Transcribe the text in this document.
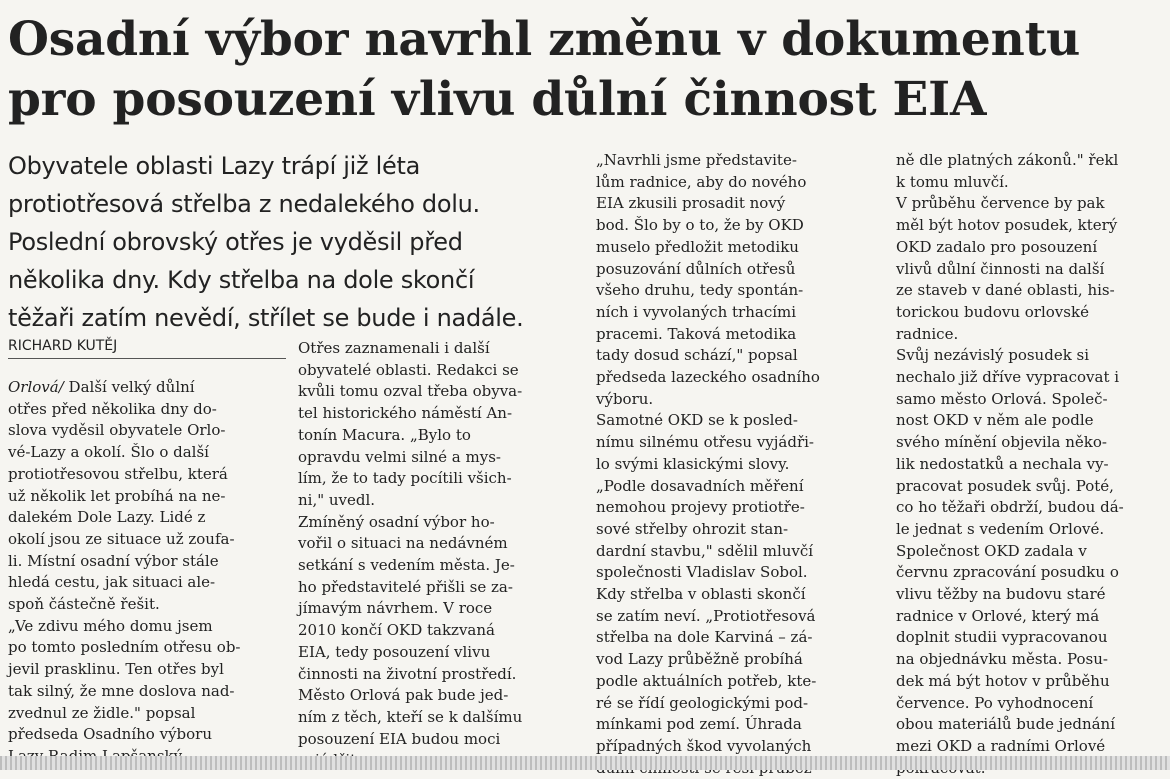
Osadní výbor navrhl změnu v dokumentu
pro posouzení vlivu důlní činnost EIA
Obyvatele oblasti Lazy trápí již léta
protiotřesová střelba z nedalekého dolu.
Poslední obrovský otřes je vyděsil před
několika dny. Kdy střelba na dole skončí
těžaři zatím nevědí, střílet se bude i nadále.
RICHARD KUTĚJ
Orlová/ Další velký důlní
otřes před několika dny do-
slova vyděsil obyvatele Orlo-
vé-Lazy a okolí. Šlo o další
protiotřesovou střelbu, která
už několik let probíhá na ne-
dalekém Dole Lazy. Lidé z
okolí jsou ze situace už zoufa-
li. Místní osadní výbor stále
hledá cestu, jak situaci ale-
spoň částečně řešit.
„Ve zdivu mého domu jsem
po tomto posledním otřesu ob-
jevil prasklinu. Ten otřes byl
tak silný, že mne doslova nad-
zvednul ze židle." popsal
předseda Osadního výboru
Otřes zaznamenali i další
obyvatelé oblasti. Redakci se
kvůli tomu ozval třeba obyva-
tel historického náměstí An-
tonín Macura. „Bylo to
opravdu velmi silné a mys-
lím, že to tady pocítili všich-
ni," uvedl.
Zmíněný osadní výbor ho-
vořil o situaci na nedávném
setkání s vedením města. Je-
ho představitelé přišli se za-
jímavým návrhem. V roce
2010 končí OKD takzvaná
EIA, tedy posouzení vlivu
činnosti na životní prostředí.
Město Orlová pak bude jed-
ním z těch, kteří se k dalšímu
posouzení EIA budou moci
„Navrhli jsme představite-
lům radnice, aby do nového
EIA zkusili prosadit nový
bod. Šlo by o to, že by OKD
muselo předložit metodiku
posuzování důlních otřesů
všeho druhu, tedy spontán-
ních i vyvolaných trhacími
pracemi. Taková metodika
tady dosud schází," popsal
předseda lazeckého osadního
výboru.
Samotné OKD se k posled-
nímu silnému otřesu vyjádři-
lo svými klasickými slovy.
„Podle dosavadních měření
nemohou projevy protiotře-
sové střelby ohrozit stan-
dardní stavbu," sdělil mluvčí
společnosti Vladislav Sobol.
Kdy střelba v oblasti skončí
se zatím neví. „Protiotřesová
střelba na dole Karviná – zá-
vod Lazy průběžně probíhá
podle aktuálních potřeb, kte-
ré se řídí geologickými pod-
mínkami pod zemí. Úhrada
případných škod vyvolaných
ně dle platných zákonů." řekl
k tomu mluvčí.
V průběhu července by pak
měl být hotov posudek, který
OKD zadalo pro posouzení
vlivů důlní činnosti na další
ze staveb v dané oblasti, his-
torickou budovu orlovské
radnice.
Svůj nezávislý posudek si
nechalo již dříve vypracovat i
samo město Orlová. Společ-
nost OKD v něm ale podle
svého mínění objevila něko-
lik nedostatků a nechala vy-
pracovat posudek svůj. Poté,
co ho těžaři obdrží, budou dá-
le jednat s vedením Orlové.
Společnost OKD zadala v
červnu zpracování posudku o
vlivu těžby na budovu staré
radnice v Orlové, který má
doplnit studii vypracovanou
na objednávku města. Posu-
dek má být hotov v průběhu
července. Po vyhodnocení
obou materiálů bude jednání
mezi OKD a radními Orlové
